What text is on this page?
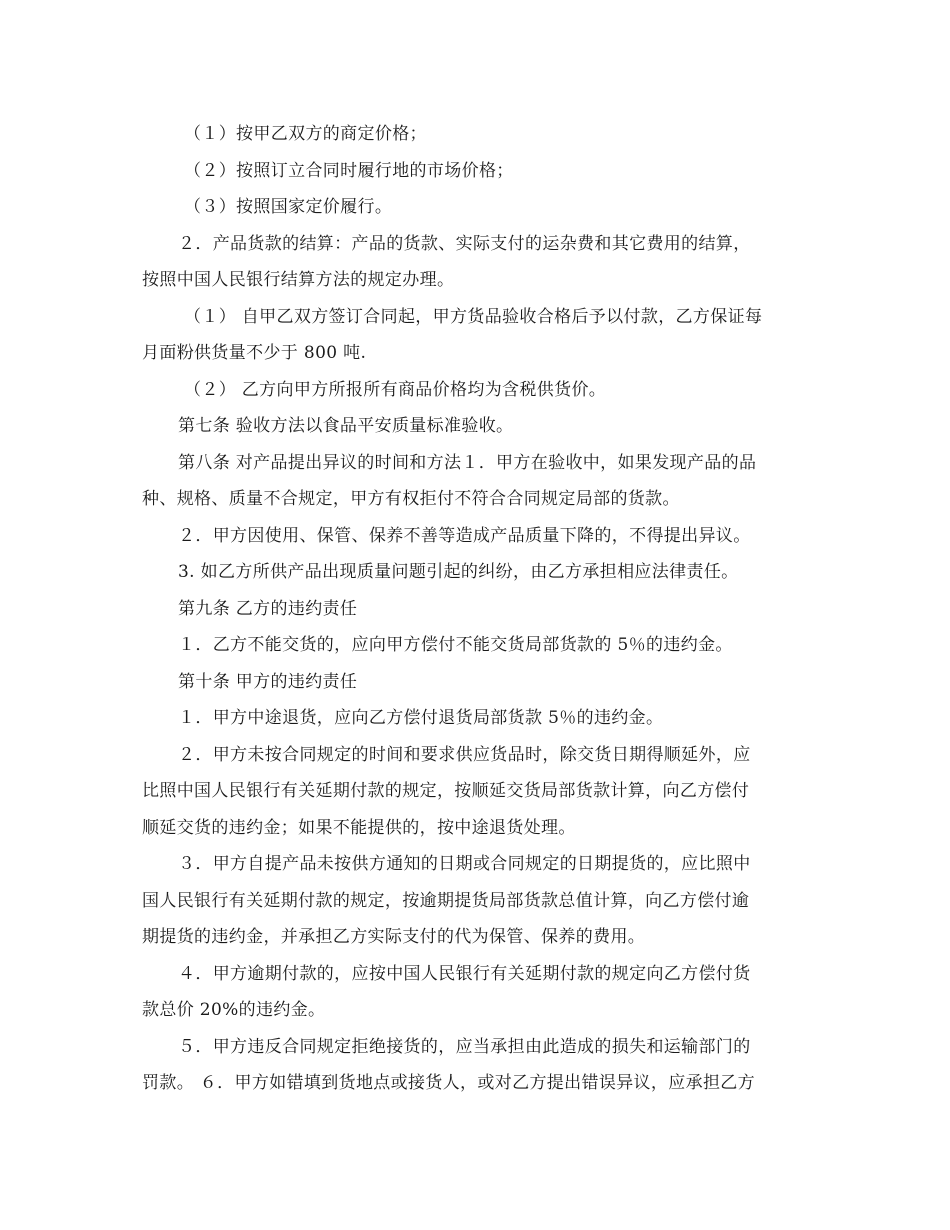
（１）按甲乙双方的商定价格；
（２）按照订立合同时履行地的市场价格；
（３）按照国家定价履行。
２．产品货款的结算：产品的货款、实际支付的运杂费和其它费用的结算，
按照中国人民银行结算方法的规定办理。
（１） 自甲乙双方签订合同起，甲方货品验收合格后予以付款，乙方保证每
月面粉供货量不少于 800 吨.
（２） 乙方向甲方所报所有商品价格均为含税供货价。
第七条 验收方法以食品平安质量标准验收。
第八条 对产品提出异议的时间和方法１．甲方在验收中，如果发现产品的品
种、规格、质量不合规定，甲方有权拒付不符合合同规定局部的货款。
２．甲方因使用、保管、保养不善等造成产品质量下降的，不得提出异议。
3. 如乙方所供产品出现质量问题引起的纠纷，由乙方承担相应法律责任。
第九条 乙方的违约责任
１．乙方不能交货的，应向甲方偿付不能交货局部货款的 5％的违约金。
第十条 甲方的违约责任
１．甲方中途退货，应向乙方偿付退货局部货款 5％的违约金。
２．甲方未按合同规定的时间和要求供应货品时，除交货日期得顺延外，应
比照中国人民银行有关延期付款的规定，按顺延交货局部货款计算，向乙方偿付
顺延交货的违约金；如果不能提供的，按中途退货处理。
３．甲方自提产品未按供方通知的日期或合同规定的日期提货的，应比照中
国人民银行有关延期付款的规定，按逾期提货局部货款总值计算，向乙方偿付逾
期提货的违约金，并承担乙方实际支付的代为保管、保养的费用。
４．甲方逾期付款的，应按中国人民银行有关延期付款的规定向乙方偿付货
款总价 20%的违约金。
５．甲方违反合同规定拒绝接货的，应当承担由此造成的损失和运输部门的
罚款。 ６．甲方如错填到货地点或接货人，或对乙方提出错误异议，应承担乙方
